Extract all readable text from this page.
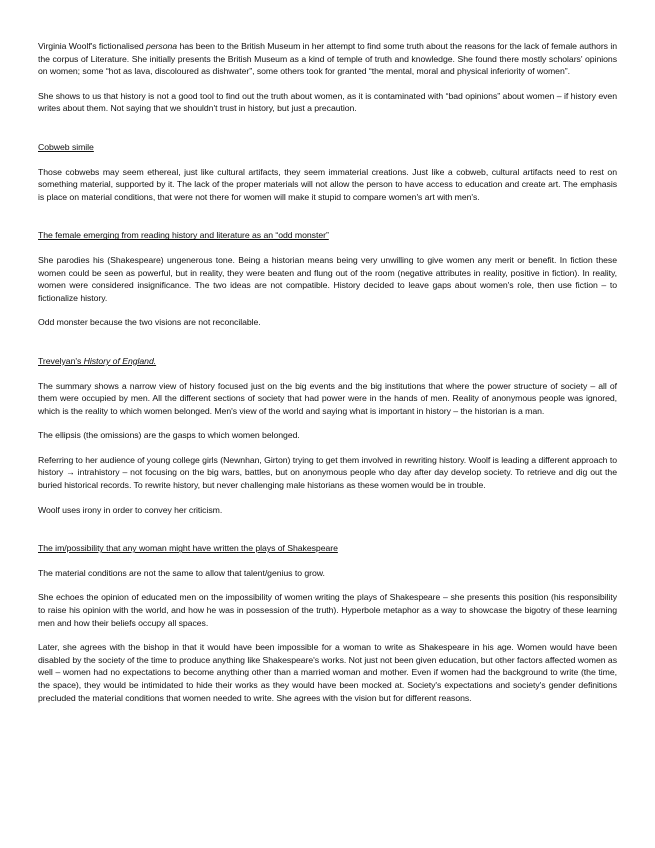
Virginia Woolf's fictionalised persona has been to the British Museum in her attempt to find some truth about the reasons for the lack of female authors in the corpus of Literature. She initially presents the British Museum as a kind of temple of truth and knowledge. She found there mostly scholars' opinions on women; some “hot as lava, discoloured as dishwater”, some others took for granted “the mental, moral and physical inferiority of women”.

She shows to us that history is not a good tool to find out the truth about women, as it is contaminated with “bad opinions” about women – if history even writes about them. Not saying that we shouldn't trust in history, but just a precaution.

Cobweb simile

Those cobwebs may seem ethereal, just like cultural artifacts, they seem immaterial creations. Just like a cobweb, cultural artifacts need to rest on something material, supported by it. The lack of the proper materials will not allow the person to have access to education and create art. The emphasis is place on material conditions, that were not there for women will make it stupid to compare women's art with men's.

The female emerging from reading history and literature as an “odd monster”

She parodies his (Shakespeare) ungenerous tone. Being a historian means being very unwilling to give women any merit or benefit. In fiction these women could be seen as powerful, but in reality, they were beaten and flung out of the room (negative attributes in reality, positive in fiction). In reality, women were considered insignificance. The two ideas are not compatible. History decided to leave gaps about women's role, then use fiction – to fictionalize history.

Odd monster because the two visions are not reconcilable.

Trevelyan's History of England.

The summary shows a narrow view of history focused just on the big events and the big institutions that where the power structure of society – all of them were occupied by men. All the different sections of society that had power were in the hands of men. Reality of anonymous people was ignored, which is the reality to which women belonged. Men's view of the world and saying what is important in history – the historian is a man.

The ellipsis (the omissions) are the gasps to which women belonged.

Referring to her audience of young college girls (Newnhan, Girton) trying to get them involved in rewriting history. Woolf is leading a different approach to history → intrahistory – not focusing on the big wars, battles, but on anonymous people who day after day develop society. To retrieve and dig out the buried historical records. To rewrite history, but never challenging male historians as these women would be in trouble.

Woolf uses irony in order to convey her criticism.

The im/possibility that any woman might have written the plays of Shakespeare

The material conditions are not the same to allow that talent/genius to grow.

She echoes the opinion of educated men on the impossibility of women writing the plays of Shakespeare – she presents this position (his responsibility to raise his opinion with the world, and how he was in possession of the truth). Hyperbole metaphor as a way to showcase the bigotry of these learning men and how their beliefs occupy all spaces.

Later, she agrees with the bishop in that it would have been impossible for a woman to write as Shakespeare in his age. Women would have been disabled by the society of the time to produce anything like Shakespeare's works. Not just not been given education, but other factors affected women as well – women had no expectations to become anything other than a married woman and mother. Even if women had the background to write (the time, the space), they would be intimidated to hide their works as they would have been mocked at. Society's expectations and society's gender definitions precluded the material conditions that women needed to write. She agrees with the vision but for different reasons.
